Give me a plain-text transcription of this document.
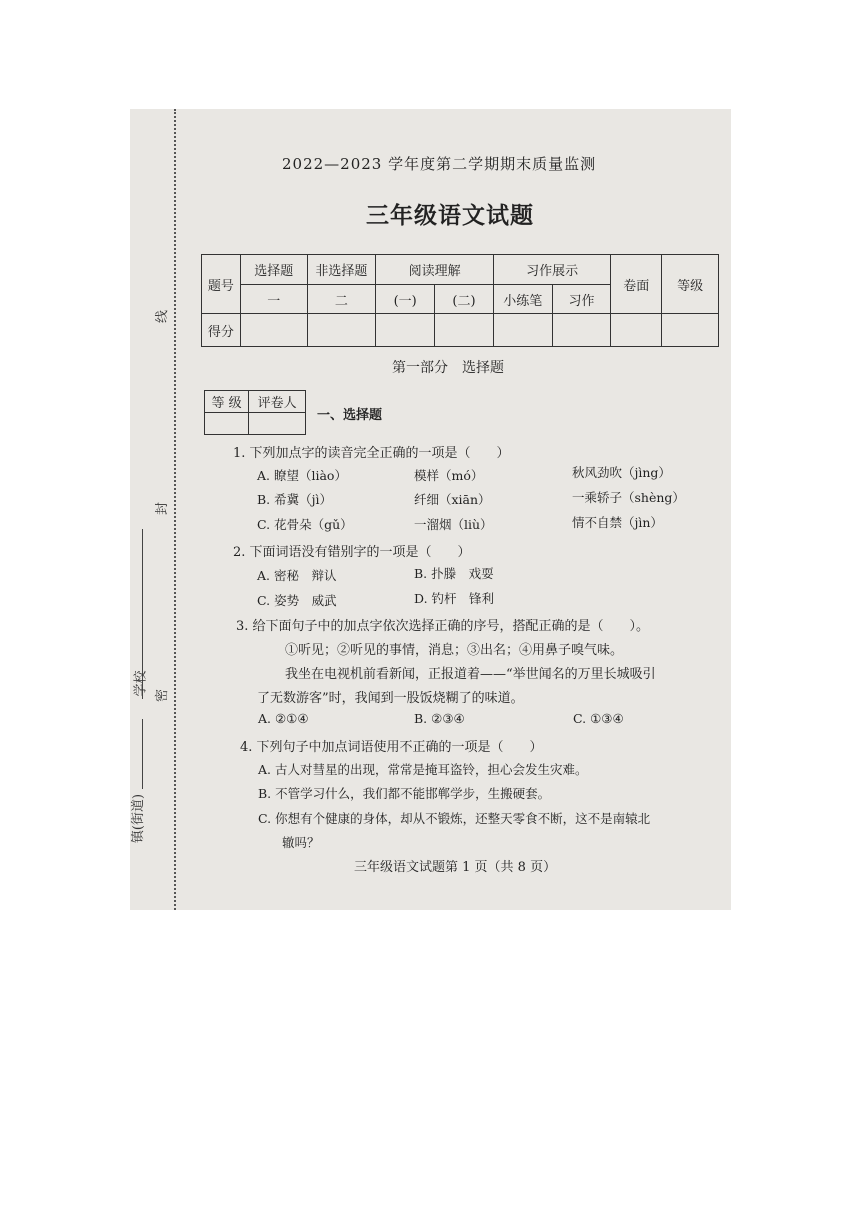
线
封
密
学校
镇(街道)
2022—2023 学年度第二学期期末质量监测
三年级语文试题
题号	选择题	非选择题	阅读理解		习作展示		卷面	等级
	一	二	(一)	(二)	小练笔	习作		
得分								
第一部分　选择题
等 级	评卷人

一、选择题
1. 下列加点字的读音完全正确的一项是（　　）
A. 瞭望（liào）	模样（mó）	秋风劲吹（jìng）
B. 希冀（jì）	纤细（xiān）	一乘轿子（shèng）
C. 花骨朵（gǔ）	一溜烟（liù）	情不自禁（jìn）
2. 下面词语没有错别字的一项是（　　）
A. 密秘　辩认	B. 扑滕　戏耍
C. 姿势　威武	D. 钓杆　锋利
3. 给下面句子中的加点字依次选择正确的序号，搭配正确的是（　　）。
①听见；②听见的事情，消息；③出名；④用鼻子嗅气味。
我坐在电视机前看新闻，正报道着——“举世闻名的万里长城吸引
了无数游客”时，我闻到一股饭烧糊了的味道。
A. ②①④	B. ②③④	C. ①③④
4. 下列句子中加点词语使用不正确的一项是（　　）
A. 古人对彗星的出现，常常是掩耳盗铃，担心会发生灾难。
B. 不管学习什么，我们都不能邯郸学步，生搬硬套。
C. 你想有个健康的身体，却从不锻炼，还整天零食不断，这不是南辕北
辙吗？
三年级语文试题第 1 页（共 8 页）
